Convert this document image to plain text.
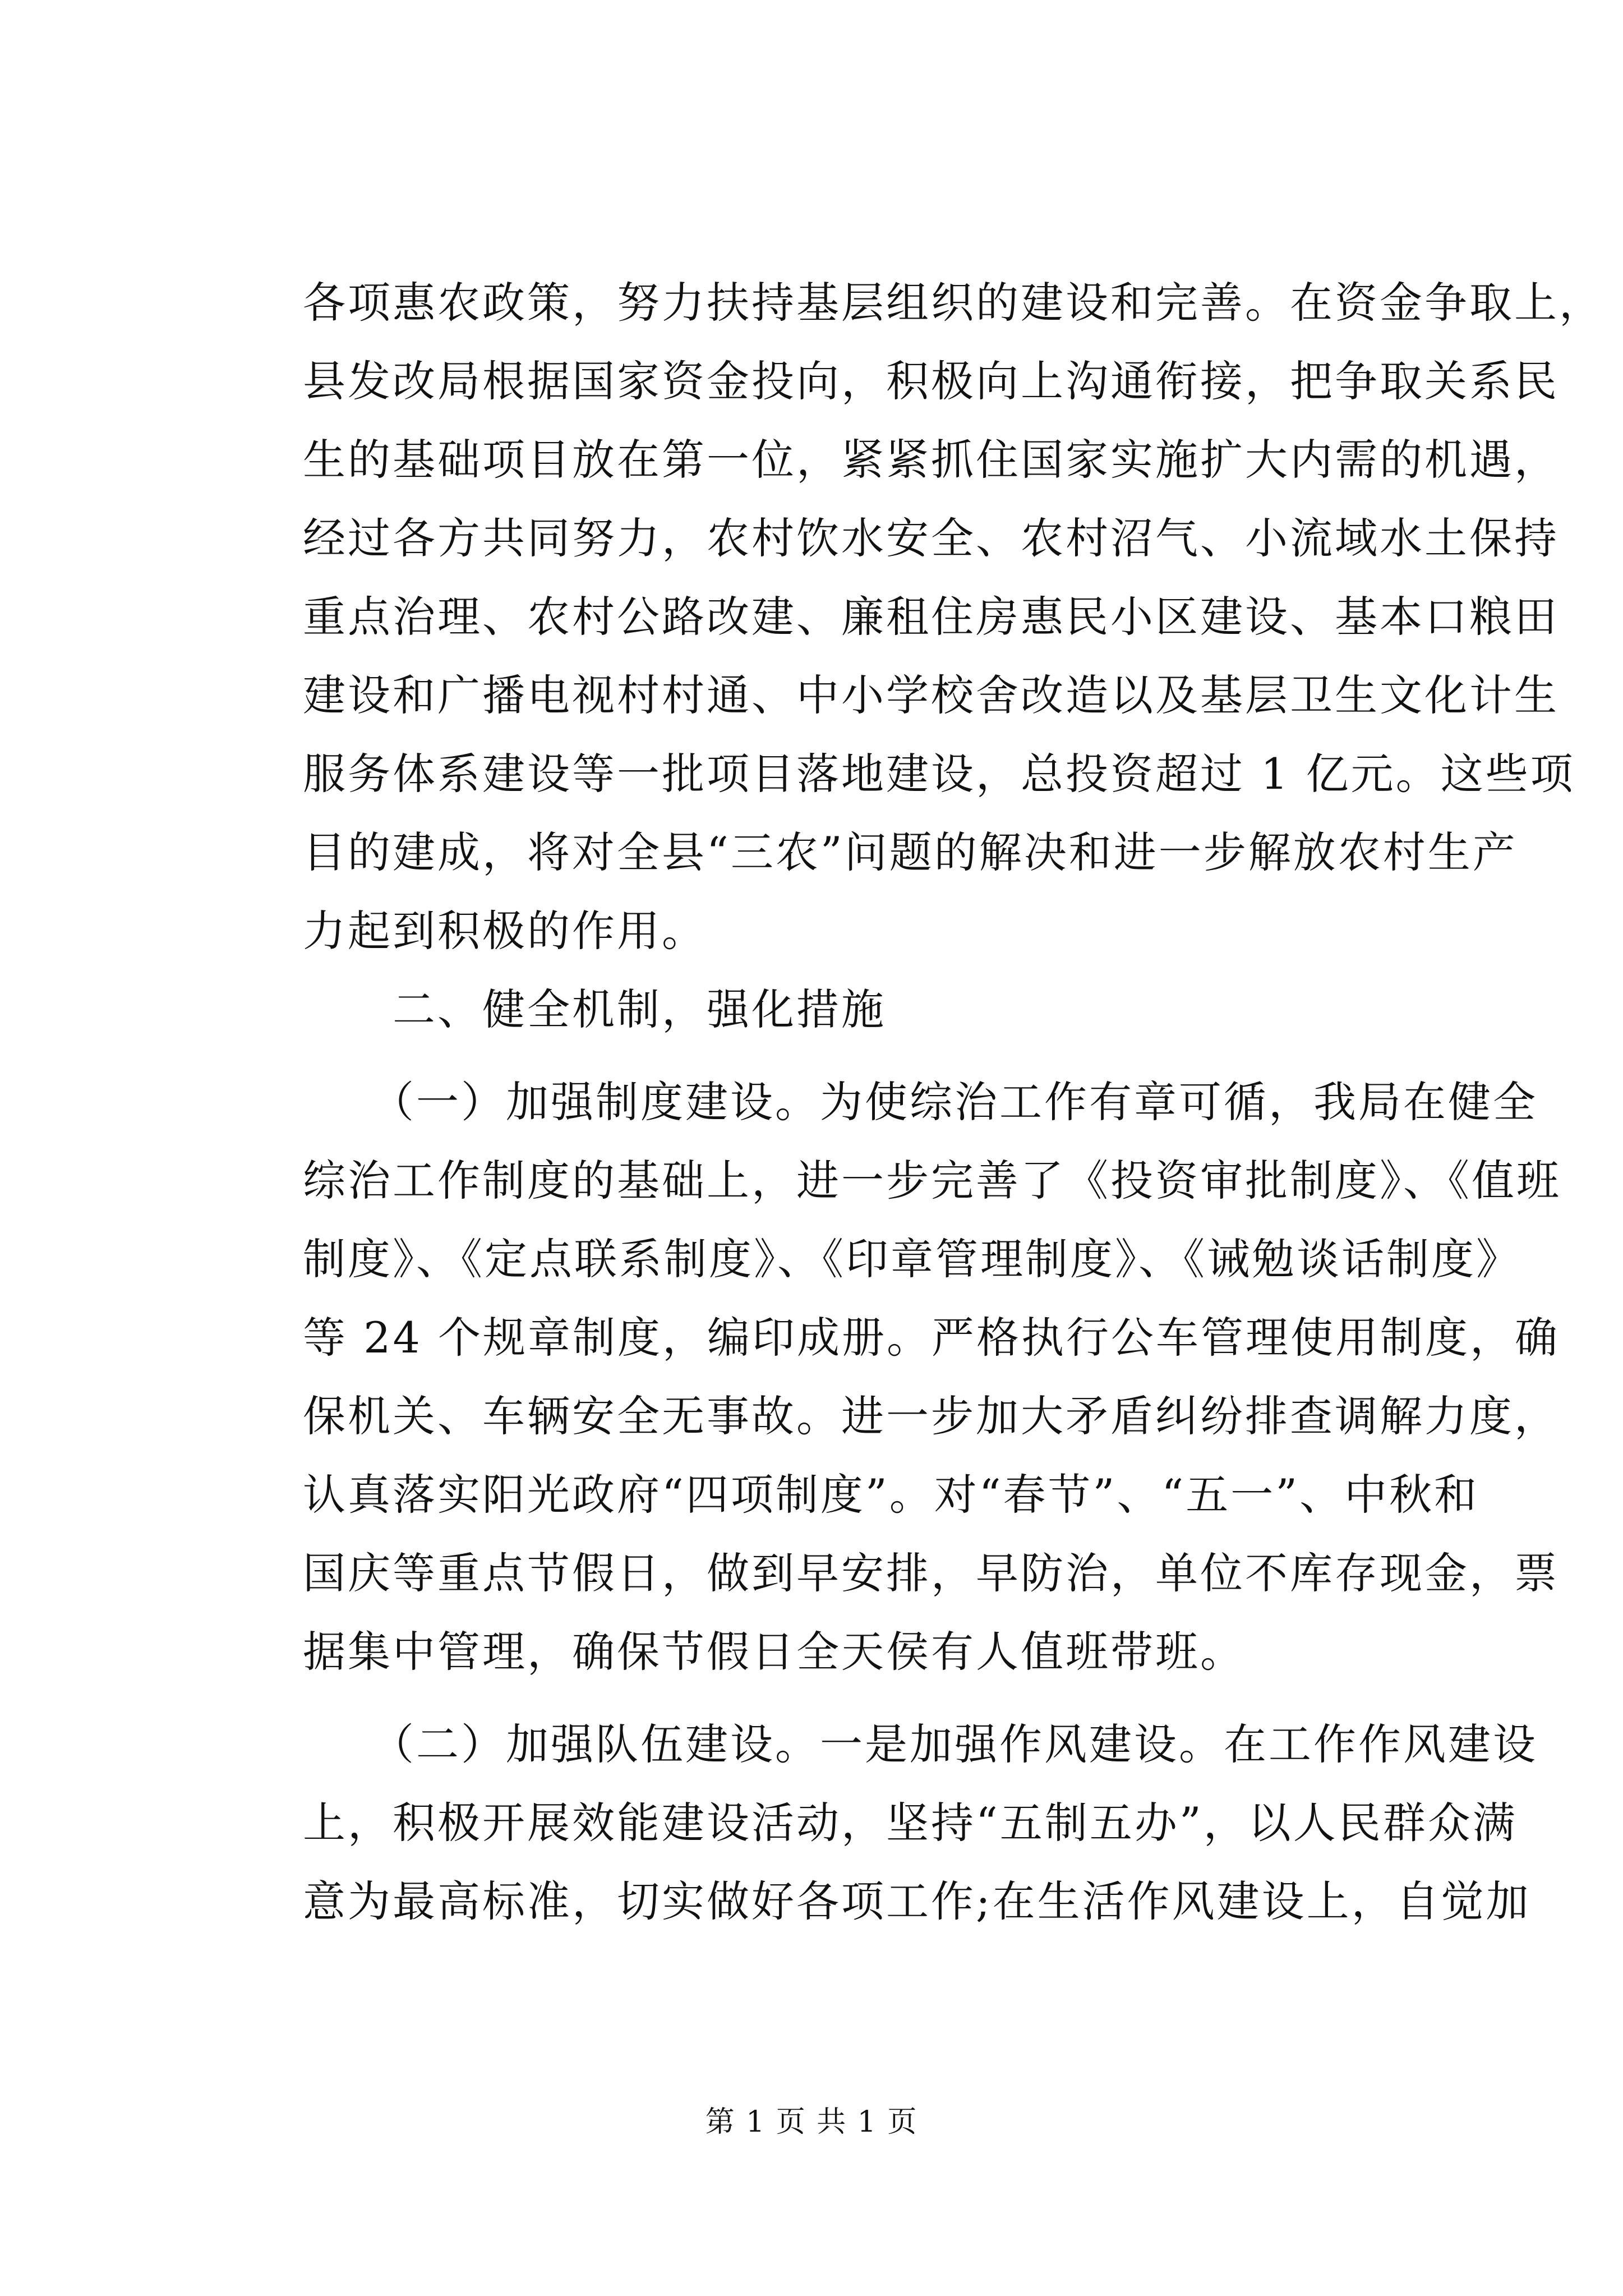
各项惠农政策，努力扶持基层组织的建设和完善。在资金争取上，
县发改局根据国家资金投向，积极向上沟通衔接，把争取关系民
生的基础项目放在第一位，紧紧抓住国家实施扩大内需的机遇，
经过各方共同努力，农村饮水安全、农村沼气、小流域水土保持
重点治理、农村公路改建、廉租住房惠民小区建设、基本口粮田
建设和广播电视村村通、中小学校舍改造以及基层卫生文化计生
服务体系建设等一批项目落地建设，总投资超过 1 亿元。这些项
目的建成，将对全县“三农”问题的解决和进一步解放农村生产
力起到积极的作用。
　　二、健全机制，强化措施
　　（一）加强制度建设。为使综治工作有章可循，我局在健全
综治工作制度的基础上，进一步完善了《投资审批制度》、《值班
制度》、《定点联系制度》、《印章管理制度》、《诫勉谈话制度》
等 24 个规章制度，编印成册。严格执行公车管理使用制度，确
保机关、车辆安全无事故。进一步加大矛盾纠纷排查调解力度，
认真落实阳光政府“四项制度”。对“春节”、“五一”、中秋和
国庆等重点节假日，做到早安排，早防治，单位不库存现金，票
据集中管理，确保节假日全天侯有人值班带班。
　　（二）加强队伍建设。一是加强作风建设。在工作作风建设
上，积极开展效能建设活动，坚持“五制五办”，以人民群众满
意为最高标准，切实做好各项工作;在生活作风建设上，自觉加
第 1 页 共 1 页
